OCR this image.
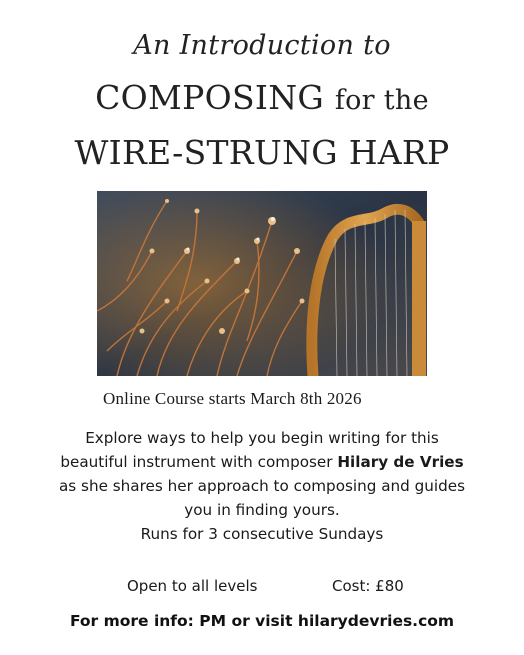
An Introduction to
COMPOSING for the
WIRE-STRUNG HARP
Online Course starts March 8th 2026
Explore ways to help you begin writing for this
beautiful instrument with composer Hilary de Vries
as she shares her approach to composing and guides
you in finding yours.
Runs for 3 consecutive Sundays
Open to all levels	Cost: £80
For more info: PM or visit hilarydevries.com
